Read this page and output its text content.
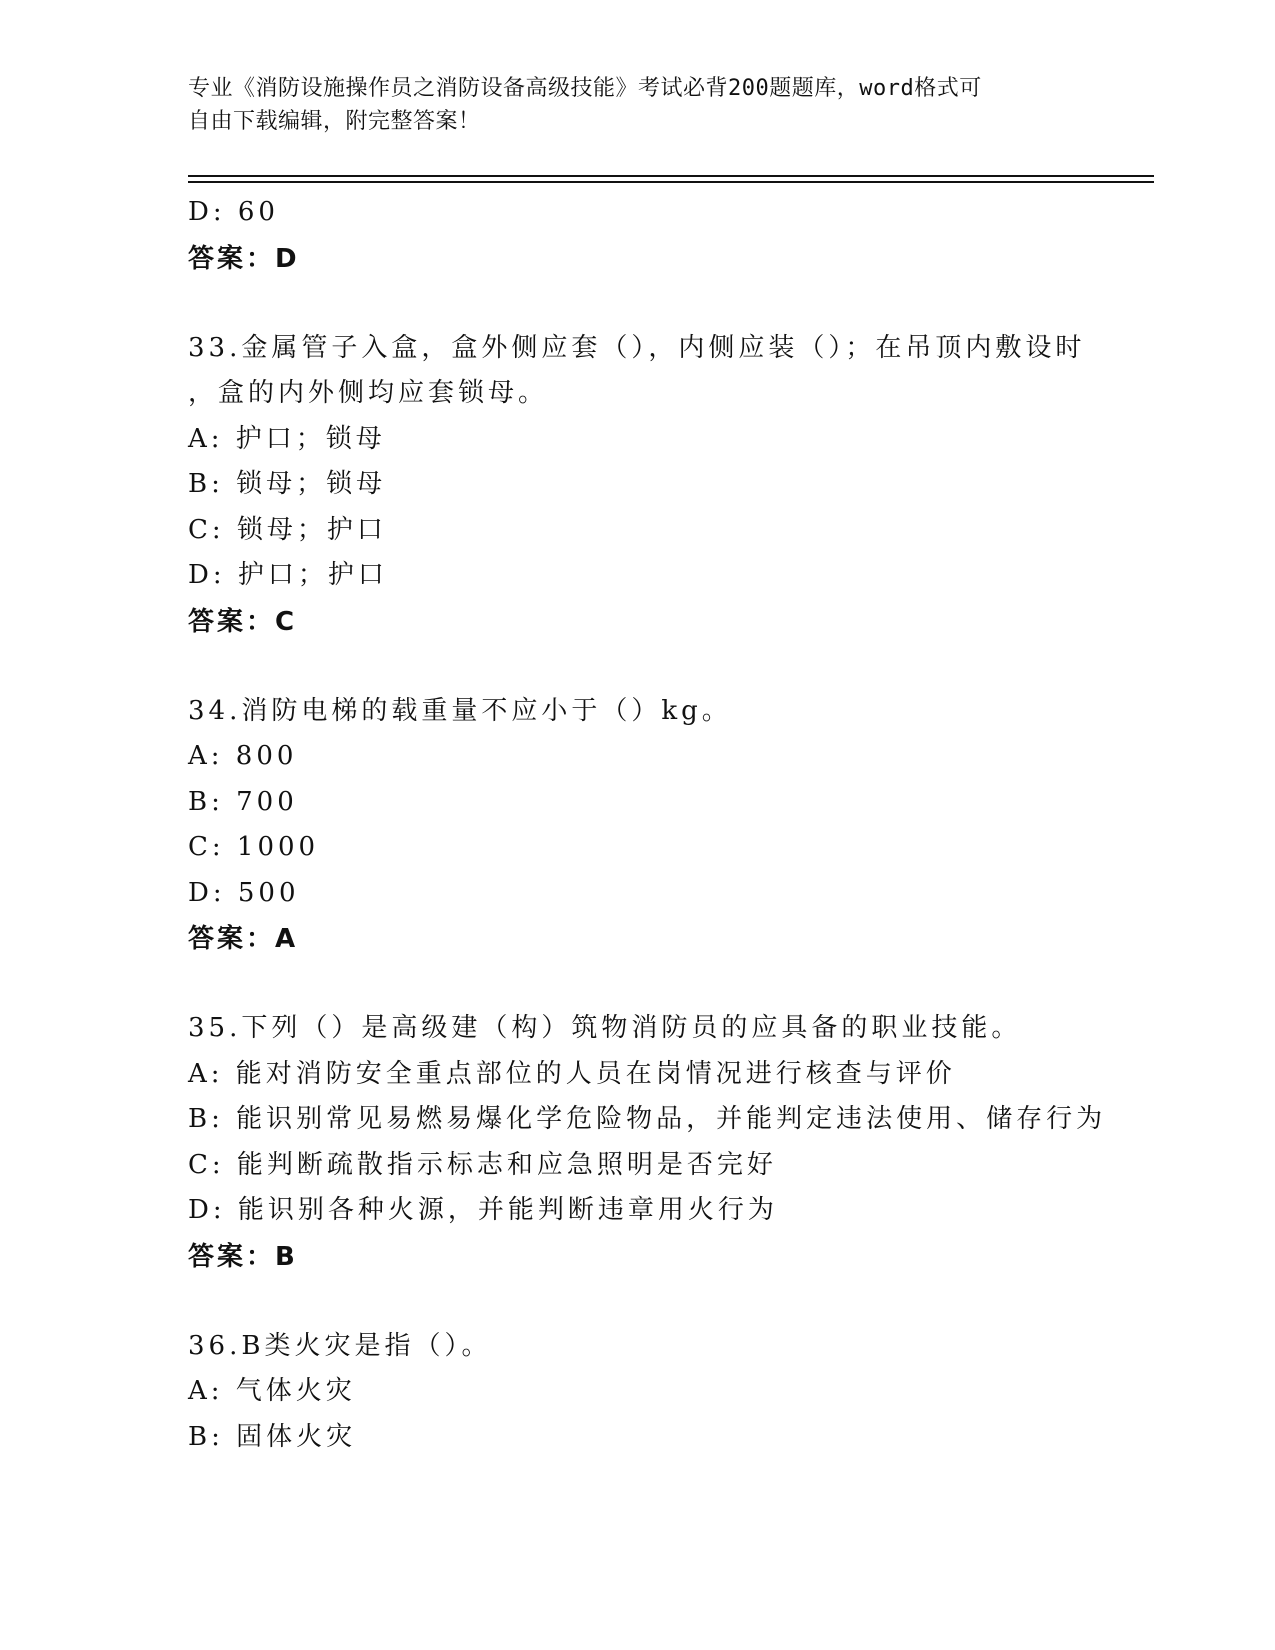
专业《消防设施操作员之消防设备高级技能》考试必背200题题库，word格式可
自由下载编辑，附完整答案！
D: 60
答案：D
33.金属管子入盒，盒外侧应套（），内侧应装（）；在吊顶内敷设时
，盒的内外侧均应套锁母。
A: 护口；锁母
B: 锁母；锁母
C: 锁母；护口
D: 护口；护口
答案：C
34.消防电梯的载重量不应小于（）kg。
A: 800
B: 700
C: 1000
D: 500
答案：A
35.下列（）是高级建（构）筑物消防员的应具备的职业技能。
A: 能对消防安全重点部位的人员在岗情况进行核查与评价
B: 能识别常见易燃易爆化学危险物品，并能判定违法使用、储存行为
C: 能判断疏散指示标志和应急照明是否完好
D: 能识别各种火源，并能判断违章用火行为
答案：B
36.B类火灾是指（）。
A: 气体火灾
B: 固体火灾
